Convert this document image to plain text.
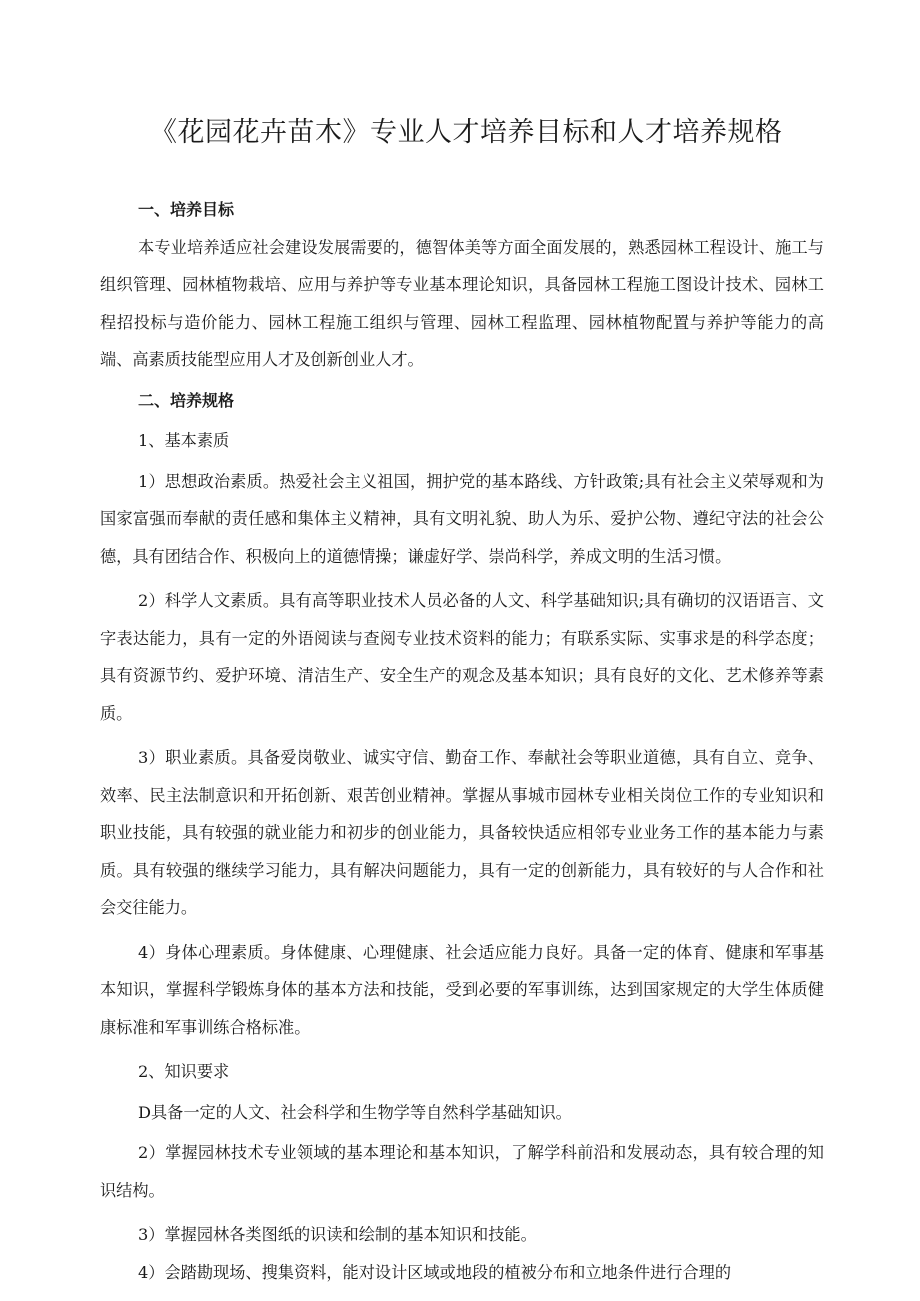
《花园花卉苗木》专业人才培养目标和人才培养规格

一、培养目标

本专业培养适应社会建设发展需要的，德智体美等方面全面发展的，熟悉园林工程设计、施工与组织管理、园林植物栽培、应用与养护等专业基本理论知识，具备园林工程施工图设计技术、园林工程招投标与造价能力、园林工程施工组织与管理、园林工程监理、园林植物配置与养护等能力的高端、高素质技能型应用人才及创新创业人才。

二、培养规格

1、基本素质

1）思想政治素质。热爱社会主义祖国，拥护党的基本路线、方针政策;具有社会主义荣辱观和为国家富强而奉献的责任感和集体主义精神，具有文明礼貌、助人为乐、爱护公物、遵纪守法的社会公德，具有团结合作、积极向上的道德情操；谦虚好学、崇尚科学，养成文明的生活习惯。

2）科学人文素质。具有高等职业技术人员必备的人文、科学基础知识;具有确切的汉语语言、文字表达能力，具有一定的外语阅读与查阅专业技术资料的能力；有联系实际、实事求是的科学态度；具有资源节约、爱护环境、清洁生产、安全生产的观念及基本知识；具有良好的文化、艺术修养等素质。

3）职业素质。具备爱岗敬业、诚实守信、勤奋工作、奉献社会等职业道德，具有自立、竞争、效率、民主法制意识和开拓创新、艰苦创业精神。掌握从事城市园林专业相关岗位工作的专业知识和职业技能，具有较强的就业能力和初步的创业能力，具备较快适应相邻专业业务工作的基本能力与素质。具有较强的继续学习能力，具有解决问题能力，具有一定的创新能力，具有较好的与人合作和社会交往能力。

4）身体心理素质。身体健康、心理健康、社会适应能力良好。具备一定的体育、健康和军事基本知识，掌握科学锻炼身体的基本方法和技能，受到必要的军事训练，达到国家规定的大学生体质健康标准和军事训练合格标准。

2、知识要求

D具备一定的人文、社会科学和生物学等自然科学基础知识。

2）掌握园林技术专业领域的基本理论和基本知识，了解学科前沿和发展动态，具有较合理的知识结构。

3）掌握园林各类图纸的识读和绘制的基本知识和技能。

4）会踏勘现场、搜集资料，能对设计区域或地段的植被分布和立地条件进行合理的
